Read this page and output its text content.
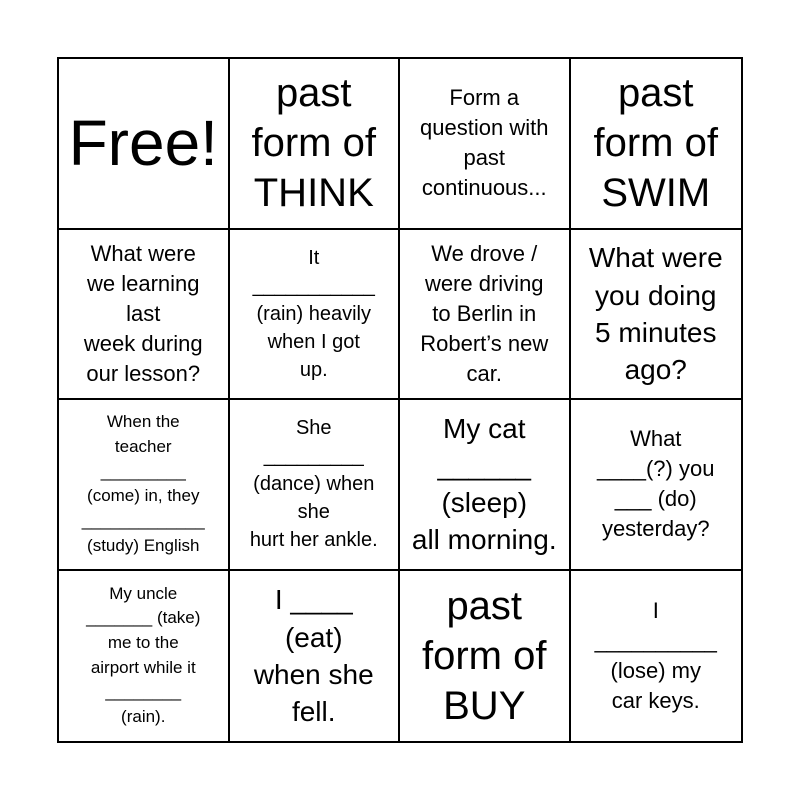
Free!
past
form of
THINK
Form a
question with
past
continuous...
past
form of
SWIM
What were
we learning
last
week during
our lesson?
It
___________
(rain) heavily
when I got
up.
We drove /
were driving
to Berlin in
Robert’s new
car.
What were
you doing
5 minutes
ago?
When the
teacher
_________
(come) in, they
_____________
(study) English
She
_________
(dance) when
she
hurt her ankle.
My cat
______
(sleep)
all morning.
What
____(?) you
___ (do)
yesterday?
My uncle
_______ (take)
me to the
airport while it
________
(rain).
I ____
(eat)
when she
fell.
past
form of
BUY
I
__________
(lose) my
car keys.
